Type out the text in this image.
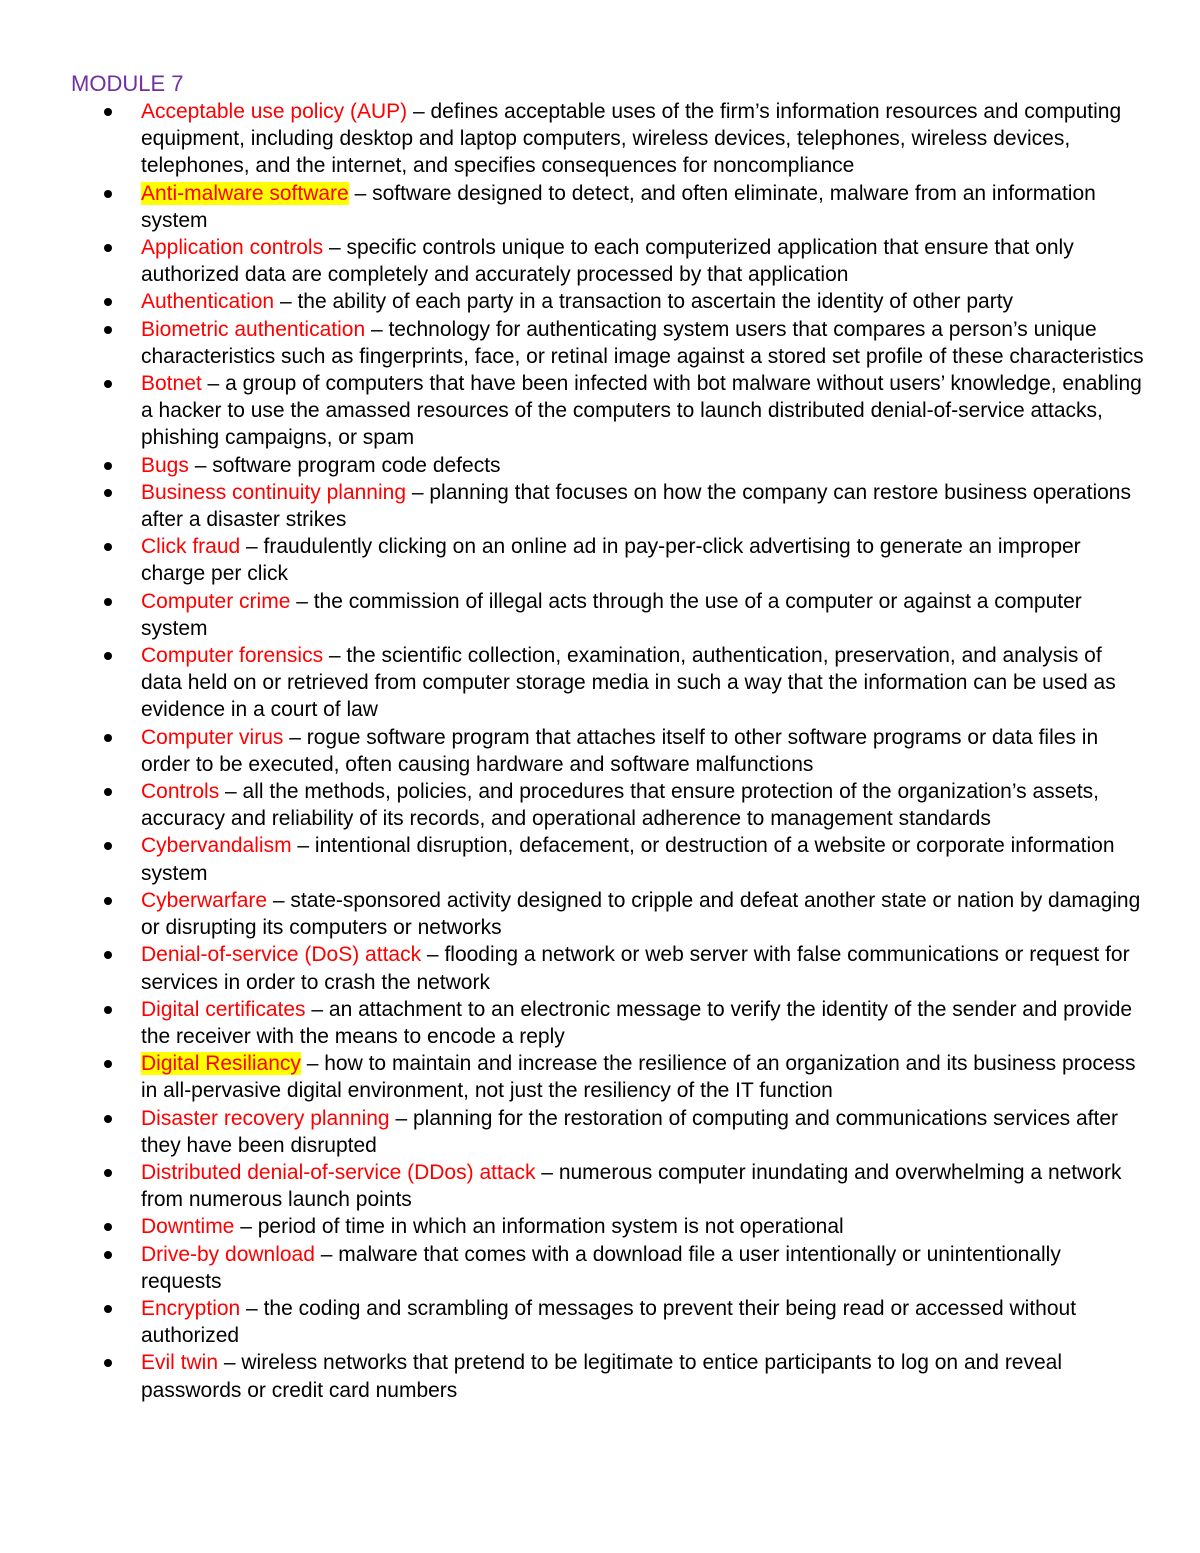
MODULE 7
Acceptable use policy (AUP) – defines acceptable uses of the firm’s information resources and computing equipment, including desktop and laptop computers, wireless devices, telephones, wireless devices, telephones, and the internet, and specifies consequences for noncompliance
Anti-malware software – software designed to detect, and often eliminate, malware from an information system
Application controls – specific controls unique to each computerized application that ensure that only authorized data are completely and accurately processed by that application
Authentication – the ability of each party in a transaction to ascertain the identity of other party
Biometric authentication – technology for authenticating system users that compares a person’s unique characteristics such as fingerprints, face, or retinal image against a stored set profile of these characteristics
Botnet – a group of computers that have been infected with bot malware without users’ knowledge, enabling a hacker to use the amassed resources of the computers to launch distributed denial-of-service attacks, phishing campaigns, or spam
Bugs – software program code defects
Business continuity planning – planning that focuses on how the company can restore business operations after a disaster strikes
Click fraud – fraudulently clicking on an online ad in pay-per-click advertising to generate an improper charge per click
Computer crime – the commission of illegal acts through the use of a computer or against a computer system
Computer forensics – the scientific collection, examination, authentication, preservation, and analysis of data held on or retrieved from computer storage media in such a way that the information can be used as evidence in a court of law
Computer virus – rogue software program that attaches itself to other software programs or data files in order to be executed, often causing hardware and software malfunctions
Controls – all the methods, policies, and procedures that ensure protection of the organization’s assets, accuracy and reliability of its records, and operational adherence to management standards
Cybervandalism – intentional disruption, defacement, or destruction of a website or corporate information system
Cyberwarfare – state-sponsored activity designed to cripple and defeat another state or nation by damaging or disrupting its computers or networks
Denial-of-service (DoS) attack – flooding a network or web server with false communications or request for services in order to crash the network
Digital certificates – an attachment to an electronic message to verify the identity of the sender and provide the receiver with the means to encode a reply
Digital Resiliancy – how to maintain and increase the resilience of an organization and its business process in all-pervasive digital environment, not just the resiliency of the IT function
Disaster recovery planning – planning for the restoration of computing and communications services after they have been disrupted
Distributed denial-of-service (DDos) attack – numerous computer inundating and overwhelming a network from numerous launch points
Downtime – period of time in which an information system is not operational
Drive-by download – malware that comes with a download file a user intentionally or unintentionally requests
Encryption – the coding and scrambling of messages to prevent their being read or accessed without authorized
Evil twin – wireless networks that pretend to be legitimate to entice participants to log on and reveal passwords or credit card numbers
